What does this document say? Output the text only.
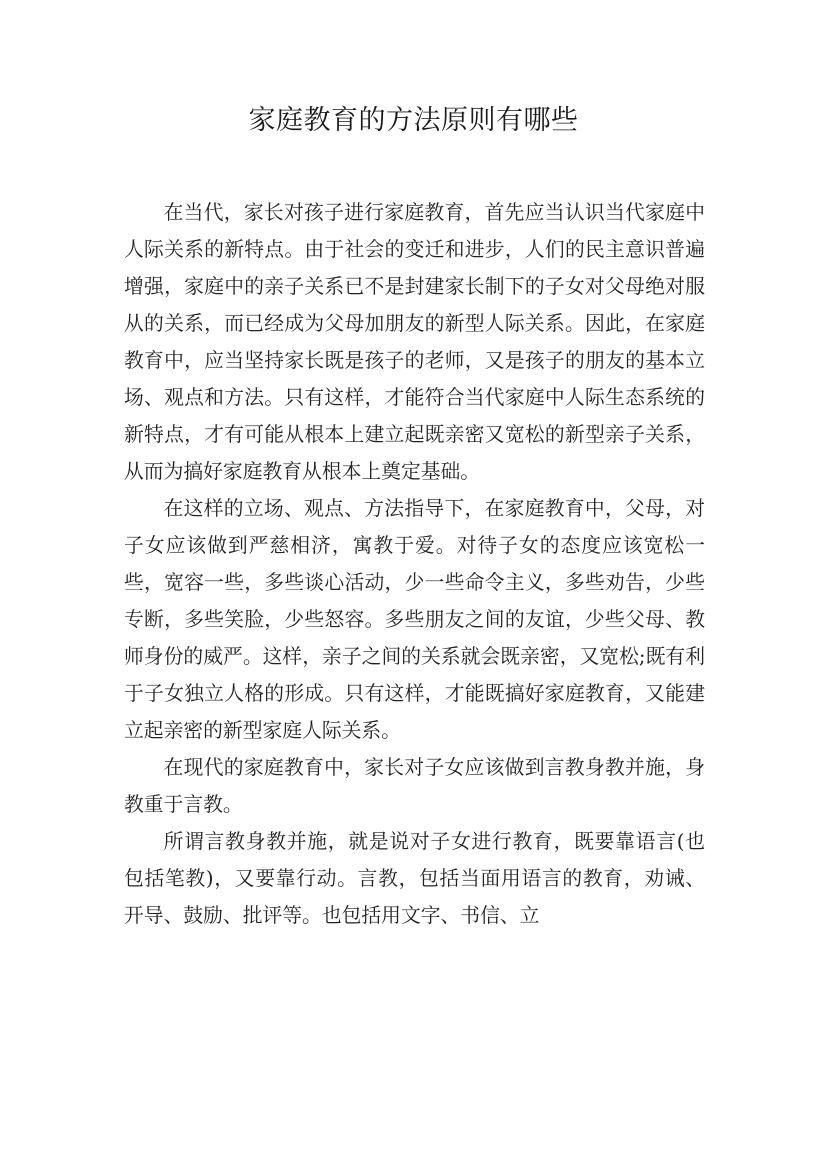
家庭教育的方法原则有哪些

在当代，家长对孩子进行家庭教育，首先应当认识当代家庭中人际关系的新特点。由于社会的变迁和进步，人们的民主意识普遍增强，家庭中的亲子关系已不是封建家长制下的子女对父母绝对服从的关系，而已经成为父母加朋友的新型人际关系。因此，在家庭教育中，应当坚持家长既是孩子的老师，又是孩子的朋友的基本立场、观点和方法。只有这样，才能符合当代家庭中人际生态系统的新特点，才有可能从根本上建立起既亲密又宽松的新型亲子关系，从而为搞好家庭教育从根本上奠定基础。

在这样的立场、观点、方法指导下，在家庭教育中，父母，对子女应该做到严慈相济，寓教于爱。对待子女的态度应该宽松一些，宽容一些，多些谈心活动，少一些命令主义，多些劝告，少些专断，多些笑脸，少些怒容。多些朋友之间的友谊，少些父母、教师身份的威严。这样，亲子之间的关系就会既亲密，又宽松;既有利于子女独立人格的形成。只有这样，才能既搞好家庭教育，又能建立起亲密的新型家庭人际关系。

在现代的家庭教育中，家长对子女应该做到言教身教并施，身教重于言教。

所谓言教身教并施，就是说对子女进行教育，既要靠语言(也包括笔教)，又要靠行动。言教，包括当面用语言的教育，劝诫、开导、鼓励、批评等。也包括用文字、书信、立
